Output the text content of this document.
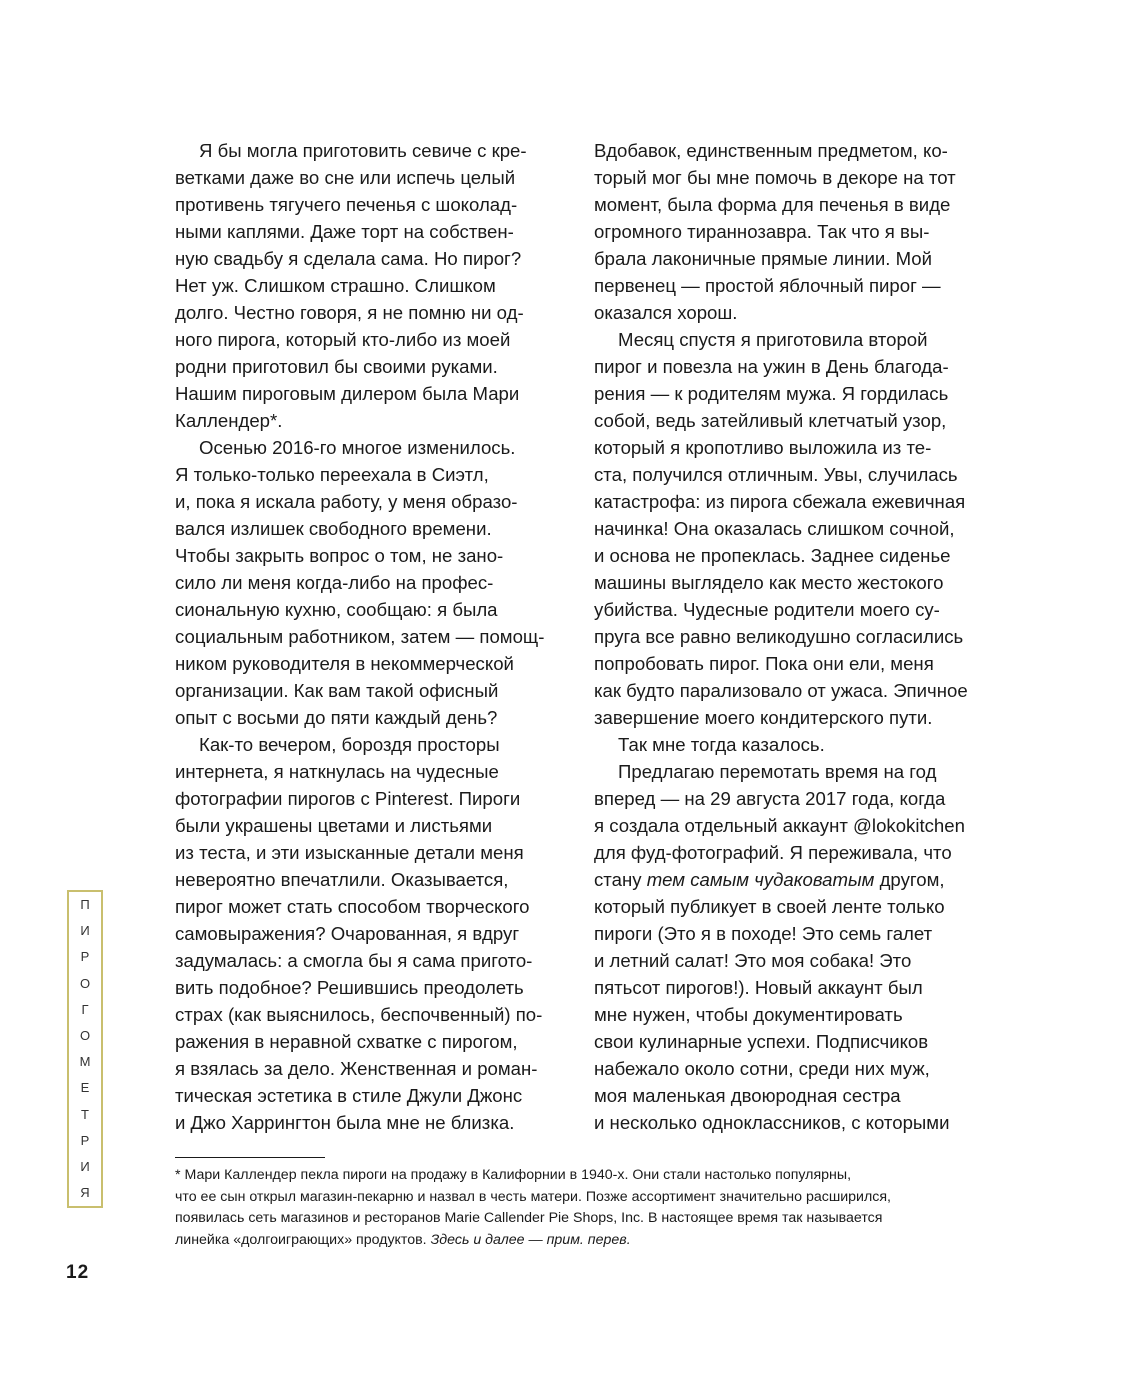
Я бы могла приготовить севиче с кре-
ветками даже во сне или испечь целый
противень тягучего печенья с шоколад-
ными каплями. Даже торт на собствен-
ную свадьбу я сделала сама. Но пирог?
Нет уж. Слишком страшно. Слишком
долго. Честно говоря, я не помню ни од-
ного пирога, который кто-либо из моей
родни приготовил бы своими руками.
Нашим пироговым дилером была Мари
Каллендер*.
Осенью 2016-го многое изменилось.
Я только-только переехала в Сиэтл,
и, пока я искала работу, у меня образо-
вался излишек свободного времени.
Чтобы закрыть вопрос о том, не зано-
сило ли меня когда-либо на профес-
сиональную кухню, сообщаю: я была
социальным работником, затем — помощ-
ником руководителя в некоммерческой
организации. Как вам такой офисный
опыт с восьми до пяти каждый день?
Как-то вечером, бороздя просторы
интернета, я наткнулась на чудесные
фотографии пирогов с Pinterest. Пироги
были украшены цветами и листьями
из теста, и эти изысканные детали меня
невероятно впечатлили. Оказывается,
пирог может стать способом творческого
самовыражения? Очарованная, я вдруг
задумалась: а смогла бы я сама пригото-
вить подобное? Решившись преодолеть
страх (как выяснилось, беспочвенный) по-
ражения в неравной схватке с пирогом,
я взялась за дело. Женственная и роман-
тическая эстетика в стиле Джули Джонс
и Джо Харрингтон была мне не близка.
Вдобавок, единственным предметом, ко-
торый мог бы мне помочь в декоре на тот
момент, была форма для печенья в виде
огромного тираннозавра. Так что я вы-
брала лаконичные прямые линии. Мой
первенец — простой яблочный пирог —
оказался хорош.
Месяц спустя я приготовила второй
пирог и повезла на ужин в День благода-
рения — к родителям мужа. Я гордилась
собой, ведь затейливый клетчатый узор,
который я кропотливо выложила из те-
ста, получился отличным. Увы, случилась
катастрофа: из пирога сбежала ежевичная
начинка! Она оказалась слишком сочной,
и основа не пропеклась. Заднее сиденье
машины выглядело как место жестокого
убийства. Чудесные родители моего су-
пруга все равно великодушно согласились
попробовать пирог. Пока они ели, меня
как будто парализовало от ужаса. Эпичное
завершение моего кондитерского пути.
Так мне тогда казалось.
Предлагаю перемотать время на год
вперед — на 29 августа 2017 года, когда
я создала отдельный аккаунт @lokokitchen
для фуд-фотографий. Я переживала, что
стану тем самым чудаковатым другом,
который публикует в своей ленте только
пироги (Это я в походе! Это семь галет
и летний салат! Это моя собака! Это
пятьсот пирогов!). Новый аккаунт был
мне нужен, чтобы документировать
свои кулинарные успехи. Подписчиков
набежало около сотни, среди них муж,
моя маленькая двоюродная сестра
и несколько одноклассников, с которыми
* Мари Каллендер пекла пироги на продажу в Калифорнии в 1940-х. Они стали настолько популярны,
что ее сын открыл магазин-пекарню и назвал в честь матери. Позже ассортимент значительно расширился,
появилась сеть магазинов и ресторанов Marie Callender Pie Shops, Inc. В настоящее время так называется
линейка «долгоиграющих» продуктов. Здесь и далее — прим. перев.
П
И
Р
О
Г
О
М
Е
Т
Р
И
Я
12
